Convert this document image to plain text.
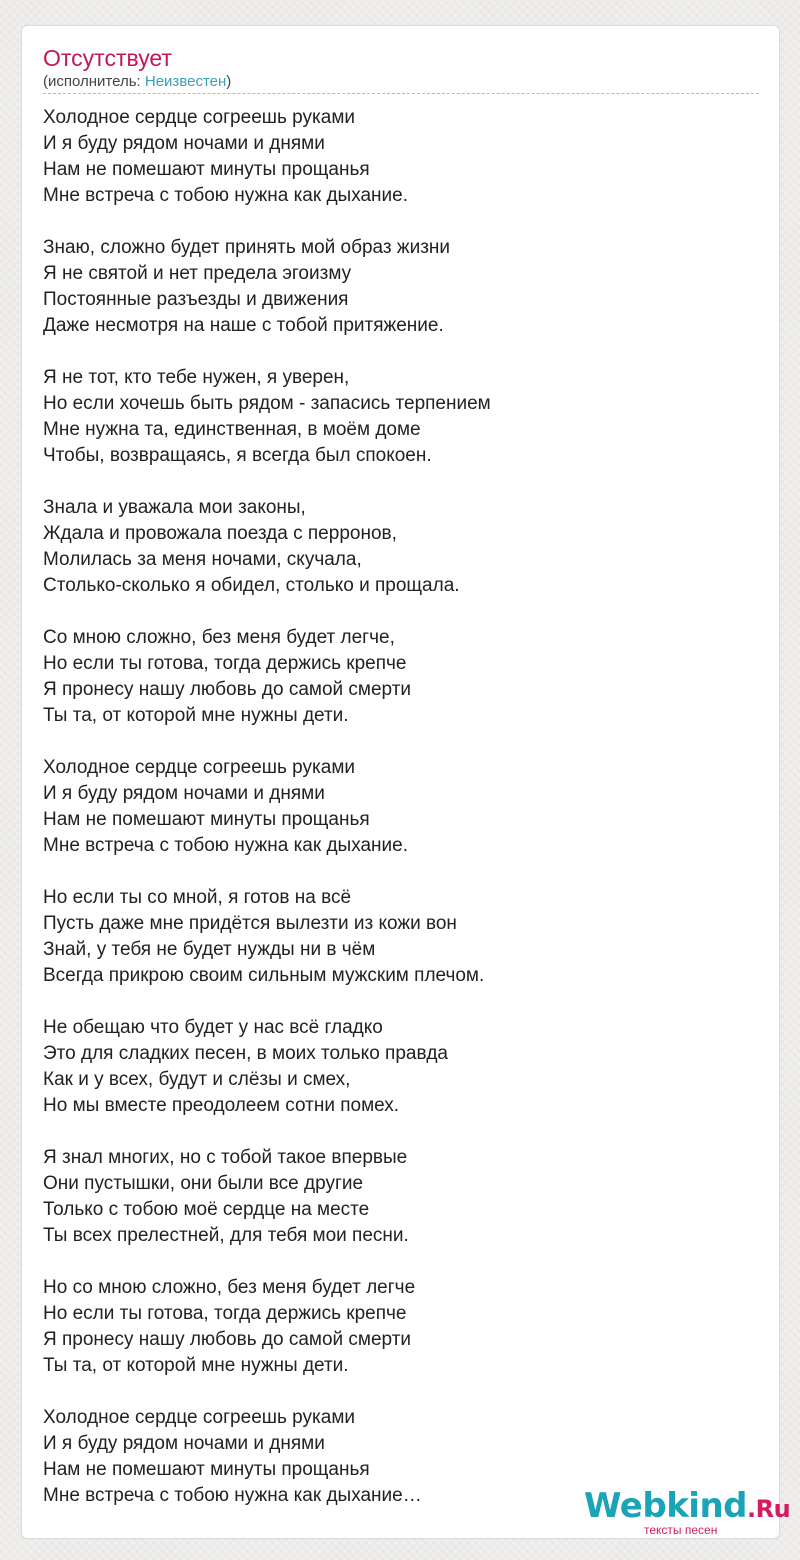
Отсутствует
(исполнитель: Неизвестен)
Холодное сердце согреешь руками
И я буду рядом ночами и днями
Нам не помешают минуты прощанья
Мне встреча с тобою нужна как дыхание.
Знаю, сложно будет принять мой образ жизни
Я не святой и нет предела эгоизму
Постоянные разъезды и движения
Даже несмотря на наше с тобой притяжение.
Я не тот, кто тебе нужен, я уверен,
Но если хочешь быть рядом - запасись терпением
Мне нужна та, единственная, в моём доме
Чтобы, возвращаясь, я всегда был спокоен.
Знала и уважала мои законы,
Ждала и провожала поезда с перронов,
Молилась за меня ночами, скучала,
Столько-сколько я обидел, столько и прощала.
Со мною сложно, без меня будет легче,
Но если ты готова, тогда держись крепче
Я пронесу нашу любовь до самой смерти
Ты та, от которой мне нужны дети.
Холодное сердце согреешь руками
И я буду рядом ночами и днями
Нам не помешают минуты прощанья
Мне встреча с тобою нужна как дыхание.
Но если ты со мной, я готов на всё
Пусть даже мне придётся вылезти из кожи вон
Знай, у тебя не будет нужды ни в чём
Всегда прикрою своим сильным мужским плечом.
Не обещаю что будет у нас всё гладко
Это для сладких песен, в моих только правда
Как и у всех, будут и слёзы и смех,
Но мы вместе преодолеем сотни помех.
Я знал многих, но с тобой такое впервые
Они пустышки, они были все другие
Только с тобою моё сердце на месте
Ты всех прелестней, для тебя мои песни.
Но со мною сложно, без меня будет легче
Но если ты готова, тогда держись крепче
Я пронесу нашу любовь до самой смерти
Ты та, от которой мне нужны дети.
Холодное сердце согреешь руками
И я буду рядом ночами и днями
Нам не помешают минуты прощанья
Мне встреча с тобою нужна как дыхание…	Webkind.Ru
тексты песен
